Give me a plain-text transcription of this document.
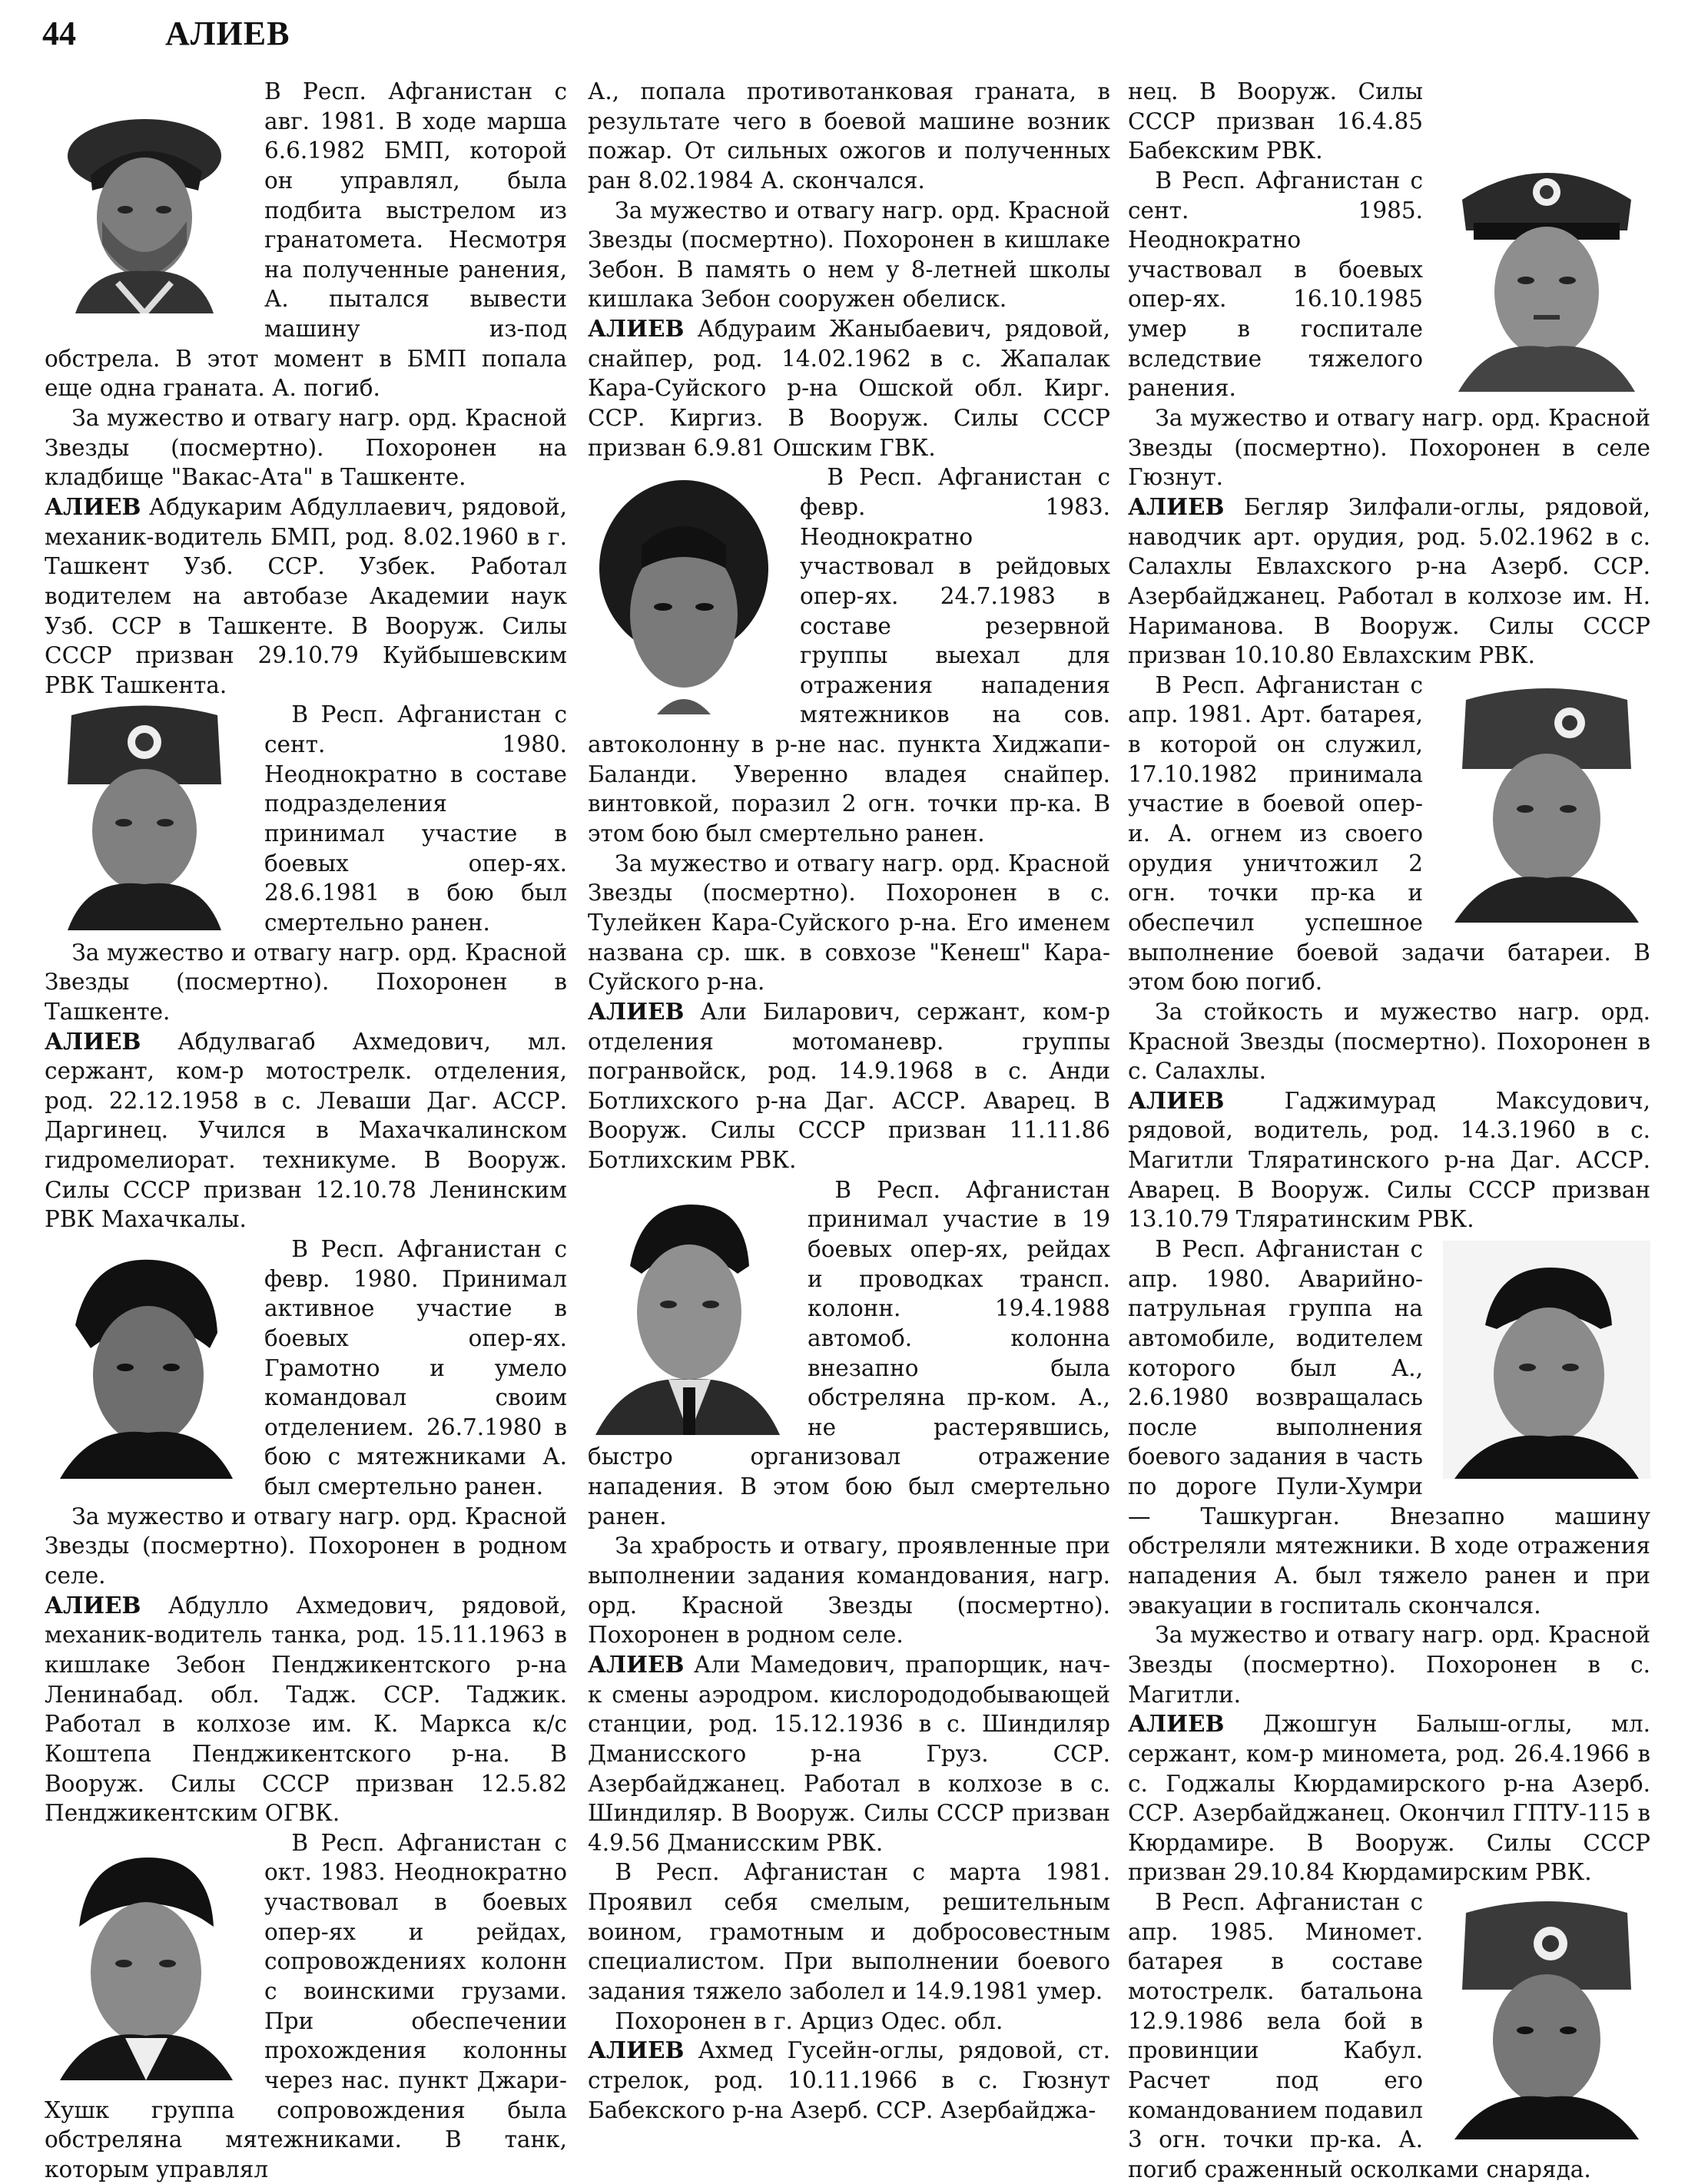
44	АЛИЕВ

В Респ. Афганистан с авг. 1981. В ходе марша 6.6.1982 БМП, которой он управлял, была подбита выстрелом из гранатомета. Несмотря на полученные ранения, А. пытался вывести машину из-под обстрела. В этот момент в БМП попала еще одна граната. А. погиб.

За мужество и отвагу нагр. орд. Красной Звезды (посмертно). Похоронен на кладбище "Вакас-Ата" в Ташкенте.

АЛИЕВ Абдукарим Абдуллаевич, рядовой, механик-водитель БМП, род. 8.02.1960 в г. Ташкент Узб. ССР. Узбек. Работал водителем на автобазе Академии наук Узб. ССР в Ташкенте. В Вооруж. Силы СССР призван 29.10.79 Куйбышевским РВК Ташкента.

В Респ. Афганистан с сент. 1980. Неоднократно в составе подразделения принимал участие в боевых опер-ях. 28.6.1981 в бою был смертельно ранен.

За мужество и отвагу нагр. орд. Красной Звезды (посмертно). Похоронен в Ташкенте.

АЛИЕВ Абдулвагаб Ахмедович, мл. сержант, ком-р мотострелк. отделения, род. 22.12.1958 в с. Леваши Даг. АССР. Даргинец. Учился в Махачкалинском гидромелиорат. техникуме. В Вооруж. Силы СССР призван 12.10.78 Ленинским РВК Махачкалы.

В Респ. Афганистан с февр. 1980. Принимал активное участие в боевых опер-ях. Грамотно и умело командовал своим отделением. 26.7.1980 в бою с мятежниками А. был смертельно ранен.

За мужество и отвагу нагр. орд. Красной Звезды (посмертно). Похоронен в родном селе.

АЛИЕВ Абдулло Ахмедович, рядовой, механик-водитель танка, род. 15.11.1963 в кишлаке Зебон Пенджикентского р-на Ленинабад. обл. Тадж. ССР. Таджик. Работал в колхозе им. К. Маркса к/с Коштепа Пенджикентского р-на. В Вооруж. Силы СССР призван 12.5.82 Пенджикентским ОГВК.

В Респ. Афганистан с окт. 1983. Неоднократно участвовал в боевых опер-ях и рейдах, сопровождениях колонн с воинскими грузами. При обеспечении прохождения колонны через нас. пункт Джари-Хушк группа сопровождения была обстреляна мятежниками. В танк, которым управлял

А., попала противотанковая граната, в результате чего в боевой машине возник пожар. От сильных ожогов и полученных ран 8.02.1984 А. скончался.

За мужество и отвагу нагр. орд. Красной Звезды (посмертно). Похоронен в кишлаке Зебон. В память о нем у 8-летней школы кишлака Зебон сооружен обелиск.

АЛИЕВ Абдураим Жаныбаевич, рядовой, снайпер, род. 14.02.1962 в с. Жапалак Кара-Суйского р-на Ошской обл. Кирг. ССР. Киргиз. В Вооруж. Силы СССР призван 6.9.81 Ошским ГВК.

В Респ. Афганистан с февр. 1983. Неоднократно участвовал в рейдовых опер-ях. 24.7.1983 в составе резервной группы выехал для отражения нападения мятежников на сов. автоколонну в р-не нас. пункта Хиджапи-Баланди. Уверенно владея снайпер. винтовкой, поразил 2 огн. точки пр-ка. В этом бою был смертельно ранен.

За мужество и отвагу нагр. орд. Красной Звезды (посмертно). Похоронен в с. Тулейкен Кара-Суйского р-на. Его именем названа ср. шк. в совхозе "Кенеш" Кара-Суйского р-на.

АЛИЕВ Али Биларович, сержант, ком-р отделения мотоманевр. группы погранвойск, род. 14.9.1968 в с. Анди Ботлихского р-на Даг. АССР. Аварец. В Вооруж. Силы СССР призван 11.11.86 Ботлихским РВК.

В Респ. Афганистан принимал участие в 19 боевых опер-ях, рейдах и проводках трансп. колонн. 19.4.1988 автомоб. колонна внезапно была обстреляна пр-ком. А., не растерявшись, быстро организовал отражение нападения. В этом бою был смертельно ранен.

За храбрость и отвагу, проявленные при выполнении задания командования, нагр. орд. Красной Звезды (посмертно). Похоронен в родном селе.

АЛИЕВ Али Мамедович, прапорщик, нач-к смены аэродром. кислорододобывающей станции, род. 15.12.1936 в с. Шиндиляр Дманисского р-на Груз. ССР. Азербайджанец. Работал в колхозе в с. Шиндиляр. В Вооруж. Силы СССР призван 4.9.56 Дманисским РВК.

В Респ. Афганистан с марта 1981. Проявил себя смелым, решительным воином, грамотным и добросовестным специалистом. При выполнении боевого задания тяжело заболел и 14.9.1981 умер.

Похоронен в г. Арциз Одес. обл.

АЛИЕВ Ахмед Гусейн-оглы, рядовой, ст. стрелок, род. 10.11.1966 в с. Гюзнут Бабекского р-на Азерб. ССР. Азербайджа-

нец. В Вооруж. Силы СССР призван 16.4.85 Бабекским РВК.

В Респ. Афганистан с сент. 1985. Неоднократно участвовал в боевых опер-ях. 16.10.1985 умер в госпитале вследствие тяжелого ранения.

За мужество и отвагу нагр. орд. Красной Звезды (посмертно). Похоронен в селе Гюзнут.

АЛИЕВ Бегляр Зилфали-оглы, рядовой, наводчик арт. орудия, род. 5.02.1962 в с. Салахлы Евлахского р-на Азерб. ССР. Азербайджанец. Работал в колхозе им. Н. Нариманова. В Вооруж. Силы СССР призван 10.10.80 Евлахским РВК.

В Респ. Афганистан с апр. 1981. Арт. батарея, в которой он служил, 17.10.1982 принимала участие в боевой опер-и. А. огнем из своего орудия уничтожил 2 огн. точки пр-ка и обеспечил успешное выполнение боевой задачи батареи. В этом бою погиб.

За стойкость и мужество нагр. орд. Красной Звезды (посмертно). Похоронен в с. Салахлы.

АЛИЕВ	Гаджимурад Максудович, рядовой, водитель, род. 14.3.1960 в с. Магитли Тляратинского р-на Даг. АССР. Аварец. В Вооруж. Силы СССР призван 13.10.79 Тляратинским РВК.

В Респ. Афганистан с апр. 1980. Аварийно-патрульная группа на автомобиле, водителем которого был А., 2.6.1980 возвращалась после выполнения боевого задания в часть по дороге Пули-Хумри — Ташкурган. Внезапно машину обстреляли мятежники. В ходе отражения нападения А. был тяжело ранен и при эвакуации в госпиталь скончался.

За мужество и отвагу нагр. орд. Красной Звезды (посмертно). Похоронен в с. Магитли.

АЛИЕВ Джошгун Балыш-оглы, мл. сержант, ком-р минометa, род. 26.4.1966 в с. Годжалы Кюрдамирского р-на Азерб. ССР. Азербайджанец. Окончил ГПТУ-115 в Кюрдамире. В Вооруж. Силы СССР призван 29.10.84 Кюрдамирским РВК.

В Респ. Афганистан с апр. 1985. Миномет. батарея в составе мотострелк. батальона 12.9.1986 вела бой в провинции Кабул. Расчет под его командованием подавил 3 огн. точки пр-ка. А. погиб сраженный осколками снаряда.
